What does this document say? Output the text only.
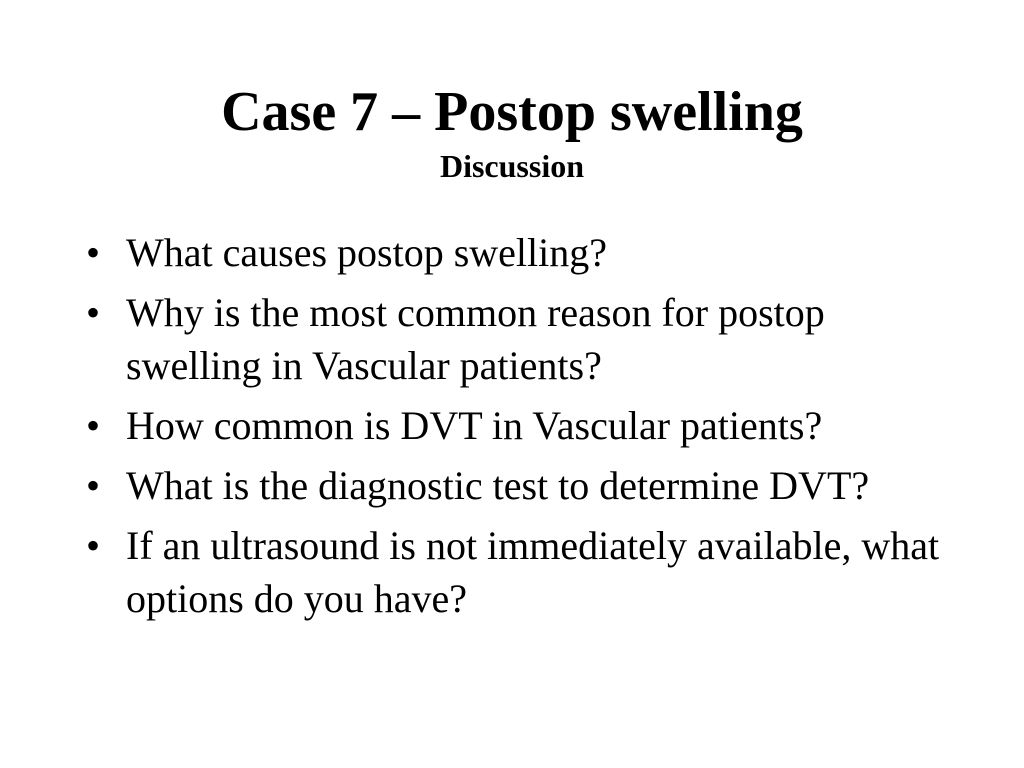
Case 7 – Postop swelling
Discussion
• What causes postop swelling?
• Why is the most common reason for postop swelling in Vascular patients?
• How common is DVT in Vascular patients?
• What is the diagnostic test to determine DVT?
• If an ultrasound is not immediately available, what options do you have?
